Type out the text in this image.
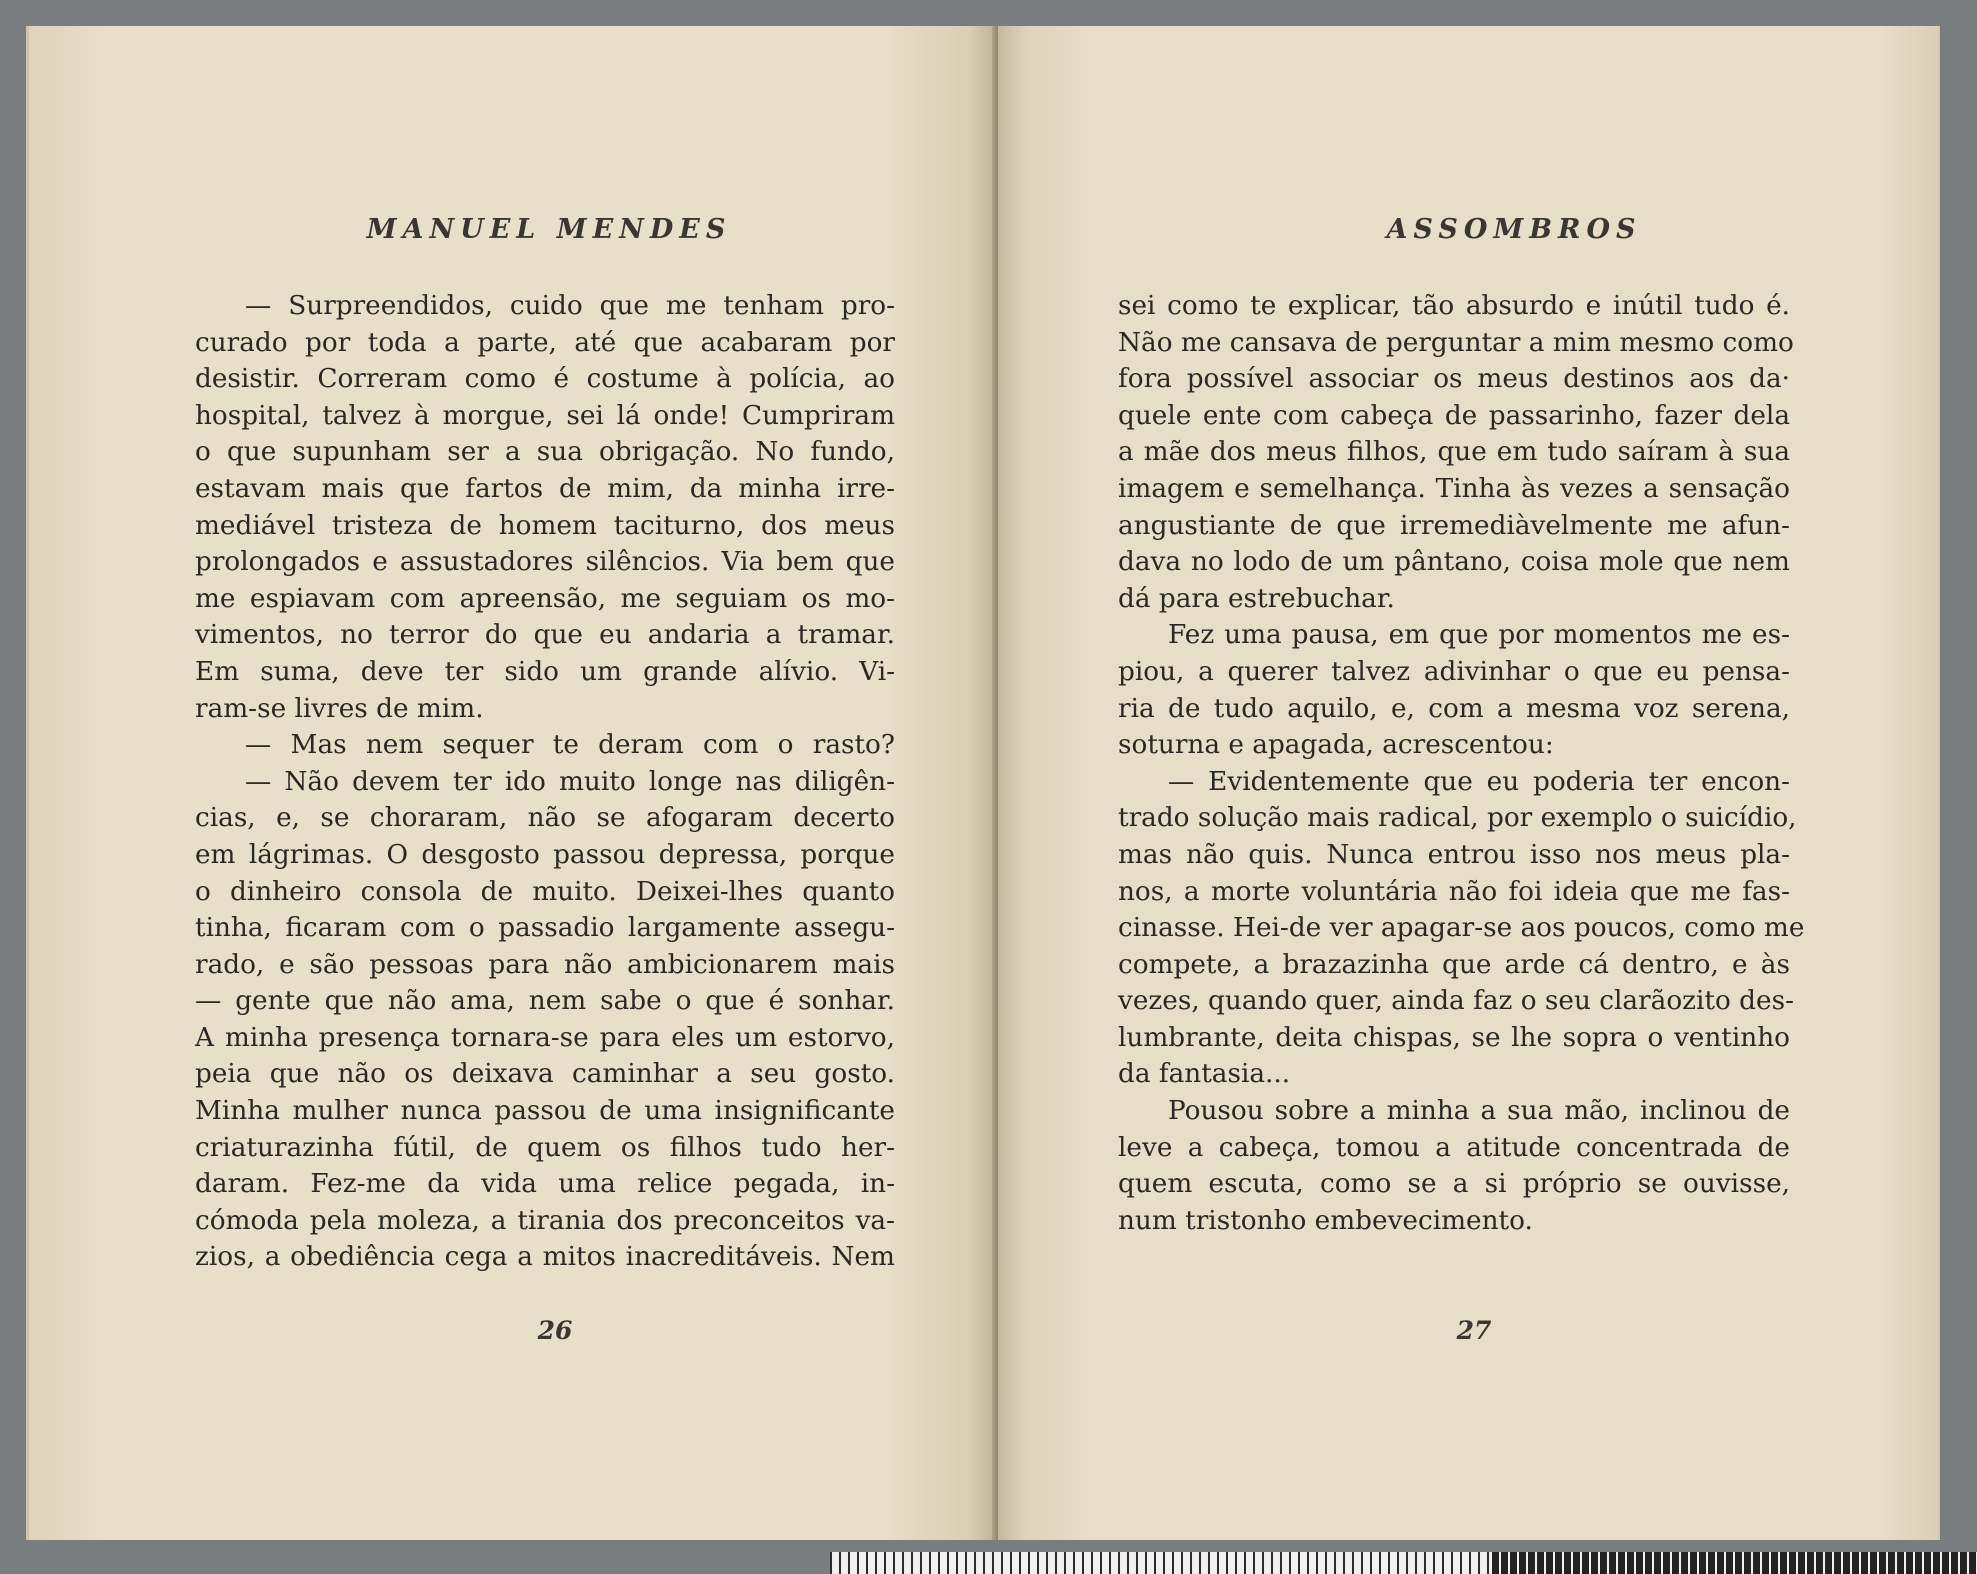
MANUEL MENDES
— Surpreendidos, cuido que me tenham pro-
curado por toda a parte, até que acabaram por
desistir. Correram como é costume à polícia, ao
hospital, talvez à morgue, sei lá onde! Cumpriram
o que supunham ser a sua obrigação. No fundo,
estavam mais que fartos de mim, da minha irre-
mediável tristeza de homem taciturno, dos meus
prolongados e assustadores silêncios. Via bem que
me espiavam com apreensão, me seguiam os mo-
vimentos, no terror do que eu andaria a tramar.
Em suma, deve ter sido um grande alívio. Vi-
ram-se livres de mim.
— Mas nem sequer te deram com o rasto?
— Não devem ter ido muito longe nas diligên-
cias, e, se choraram, não se afogaram decerto
em lágrimas. O desgosto passou depressa, porque
o dinheiro consola de muito. Deixei-lhes quanto
tinha, ficaram com o passadio largamente assegu-
rado, e são pessoas para não ambicionarem mais
— gente que não ama, nem sabe o que é sonhar.
A minha presença tornara-se para eles um estorvo,
peia que não os deixava caminhar a seu gosto.
Minha mulher nunca passou de uma insignificante
criaturazinha fútil, de quem os filhos tudo her-
daram. Fez-me da vida uma relice pegada, in-
cómoda pela moleza, a tirania dos preconceitos va-
zios, a obediência cega a mitos inacreditáveis. Nem

26

ASSOMBROS
sei como te explicar, tão absurdo e inútil tudo é.
Não me cansava de perguntar a mim mesmo como
fora possível associar os meus destinos aos da·
quele ente com cabeça de passarinho, fazer dela
a mãe dos meus filhos, que em tudo saíram à sua
imagem e semelhança. Tinha às vezes a sensação
angustiante de que irremediàvelmente me afun-
dava no lodo de um pântano, coisa mole que nem
dá para estrebuchar.
Fez uma pausa, em que por momentos me es-
piou, a querer talvez adivinhar o que eu pensa-
ria de tudo aquilo, e, com a mesma voz serena,
soturna e apagada, acrescentou:
— Evidentemente que eu poderia ter encon-
trado solução mais radical, por exemplo o suicídio,
mas não quis. Nunca entrou isso nos meus pla-
nos, a morte voluntária não foi ideia que me fas-
cinasse. Hei-de ver apagar-se aos poucos, como me
compete, a brazazinha que arde cá dentro, e às
vezes, quando quer, ainda faz o seu clarãozito des-
lumbrante, deita chispas, se lhe sopra o ventinho
da fantasia...
Pousou sobre a minha a sua mão, inclinou de
leve a cabeça, tomou a atitude concentrada de
quem escuta, como se a si próprio se ouvisse,
num tristonho embevecimento.

27
